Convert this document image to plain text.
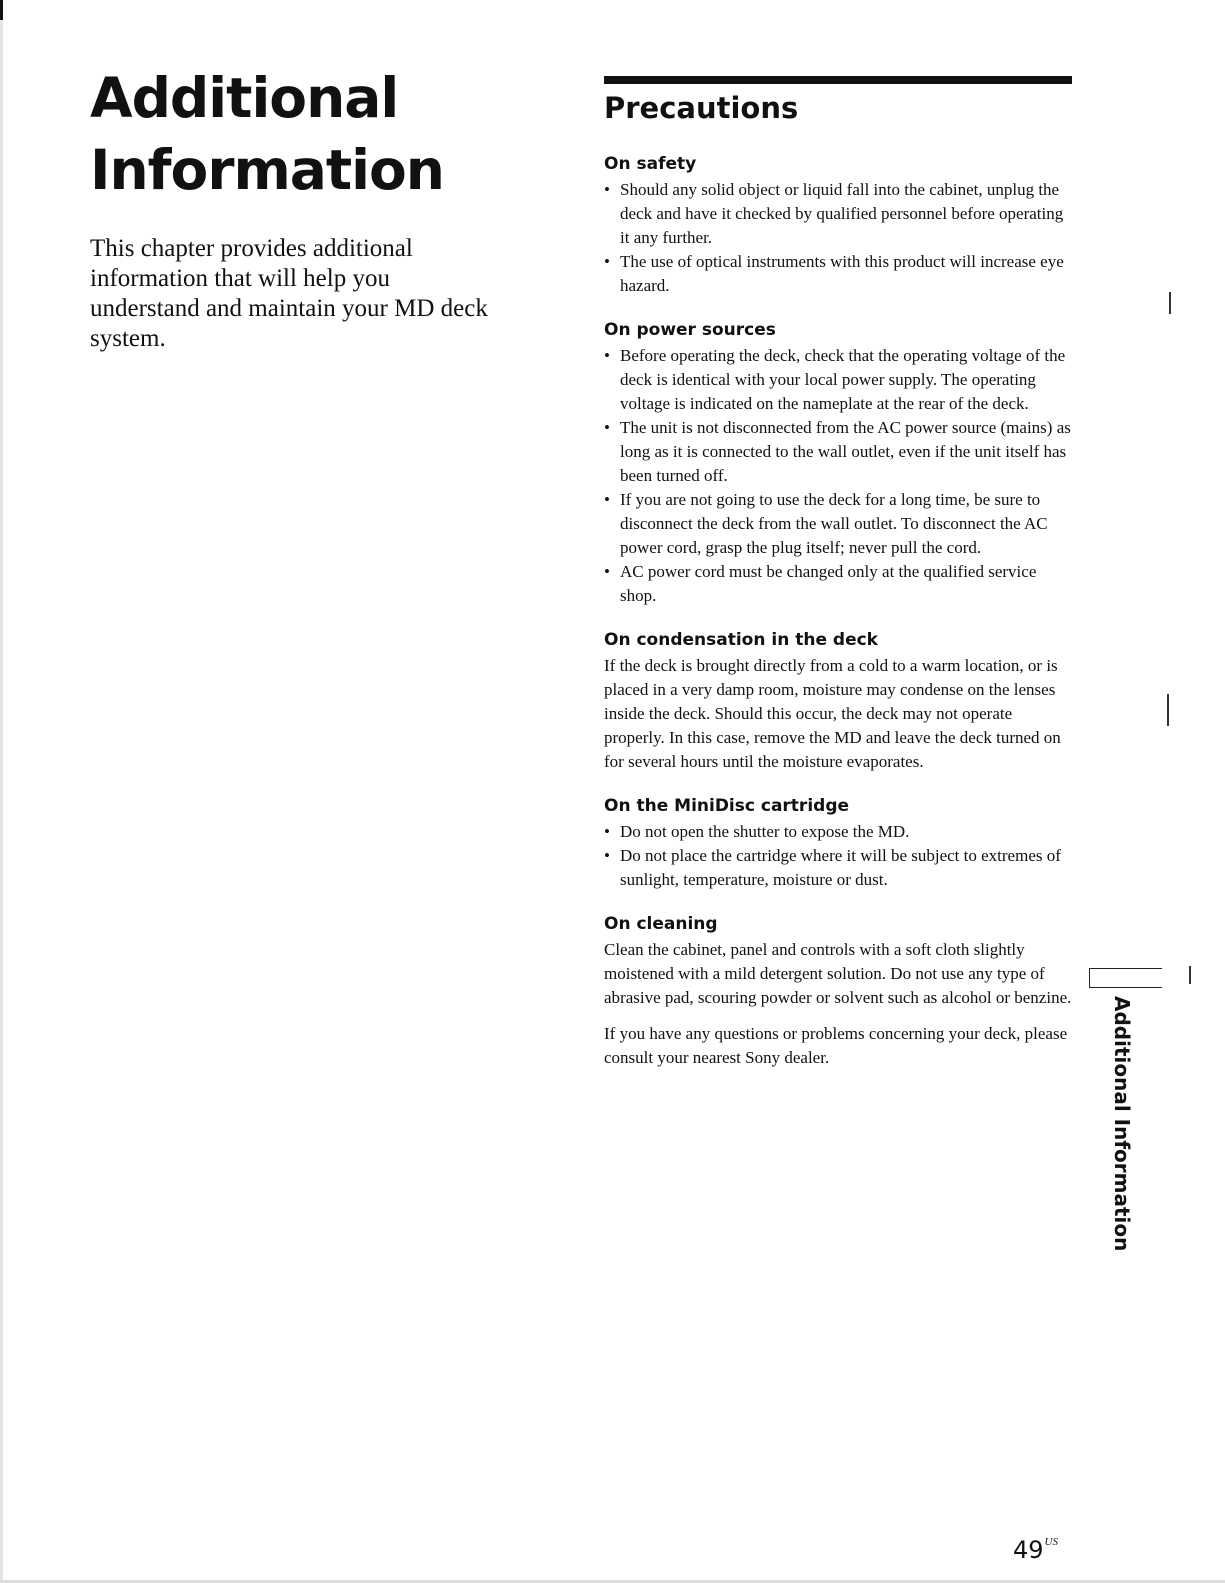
Additional
Information

This chapter provides additional information that will help you understand and maintain your MD deck system.

Precautions
On safety
• Should any solid object or liquid fall into the cabinet, unplug the deck and have it checked by qualified personnel before operating it any further.
• The use of optical instruments with this product will increase eye hazard.
On power sources
• Before operating the deck, check that the operating voltage of the deck is identical with your local power supply. The operating voltage is indicated on the nameplate at the rear of the deck.
• The unit is not disconnected from the AC power source (mains) as long as it is connected to the wall outlet, even if the unit itself has been turned off.
• If you are not going to use the deck for a long time, be sure to disconnect the deck from the wall outlet. To disconnect the AC power cord, grasp the plug itself; never pull the cord.
• AC power cord must be changed only at the qualified service shop.
On condensation in the deck

If the deck is brought directly from a cold to a warm location, or is placed in a very damp room, moisture may condense on the lenses inside the deck. Should this occur, the deck may not operate properly. In this case, remove the MD and leave the deck turned on for several hours until the moisture evaporates.

On the MiniDisc cartridge
• Do not open the shutter to expose the MD.
• Do not place the cartridge where it will be subject to extremes of sunlight, temperature, moisture or dust.
On cleaning

Clean the cabinet, panel and controls with a soft cloth slightly moistened with a mild detergent solution. Do not use any type of abrasive pad, scouring powder or solvent such as alcohol or benzine.

If you have any questions or problems concerning your deck, please consult your nearest Sony dealer.	Additional Information
$49^{US}$
